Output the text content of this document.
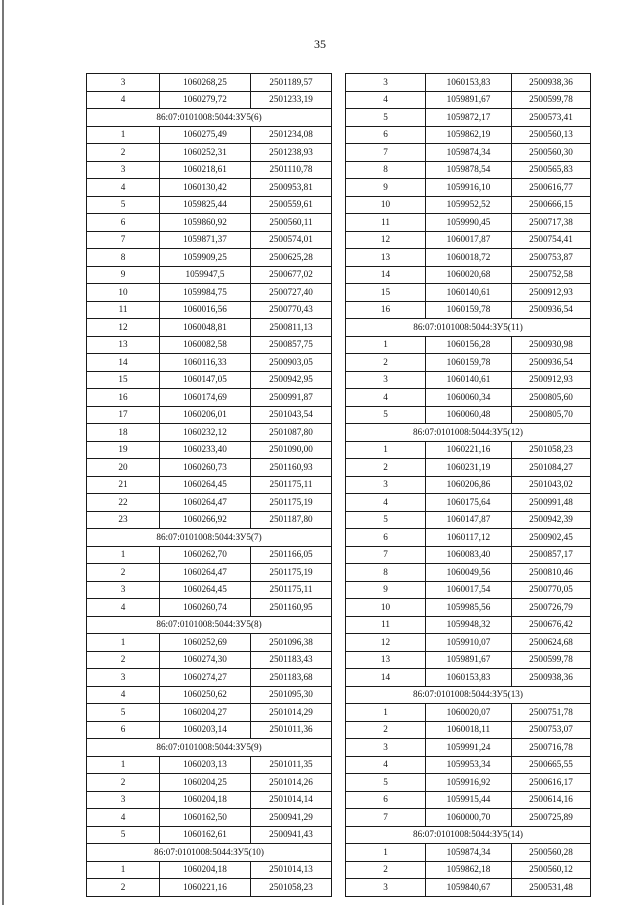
35
3	1060268,25	2501189,57
4	1060279,72	2501233,19
86:07:0101008:5044:ЗУ5(6)		
1	1060275,49	2501234,08
2	1060252,31	2501238,93
3	1060218,61	2501110,78
4	1060130,42	2500953,81
5	1059825,44	2500559,61
6	1059860,92	2500560,11
7	1059871,37	2500574,01
8	1059909,25	2500625,28
9	1059947,5	2500677,02
10	1059984,75	2500727,40
11	1060016,56	2500770,43
12	1060048,81	2500811,13
13	1060082,58	2500857,75
14	1060116,33	2500903,05
15	1060147,05	2500942,95
16	1060174,69	2500991,87
17	1060206,01	2501043,54
18	1060232,12	2501087,80
19	1060233,40	2501090,00
20	1060260,73	2501160,93
21	1060264,45	2501175,11
22	1060264,47	2501175,19
23	1060266,92	2501187,80
86:07:0101008:5044:ЗУ5(7)		
1	1060262,70	2501166,05
2	1060264,47	2501175,19
3	1060264,45	2501175,11
4	1060260,74	2501160,95
86:07:0101008:5044:ЗУ5(8)		
1	1060252,69	2501096,38
2	1060274,30	2501183,43
3	1060274,27	2501183,68
4	1060250,62	2501095,30
5	1060204,27	2501014,29
6	1060203,14	2501011,36
86:07:0101008:5044:ЗУ5(9)		
1	1060203,13	2501011,35
2	1060204,25	2501014,26
3	1060204,18	2501014,14
4	1060162,50	2500941,29
5	1060162,61	2500941,43
86:07:0101008:5044:ЗУ5(10)		
1	1060204,18	2501014,13
2	1060221,16	2501058,23
3	1060153,83	2500938,36
4	1059891,67	2500599,78
5	1059872,17	2500573,41
6	1059862,19	2500560,13
7	1059874,34	2500560,30
8	1059878,54	2500565,83
9	1059916,10	2500616,77
10	1059952,52	2500666,15
11	1059990,45	2500717,38
12	1060017,87	2500754,41
13	1060018,72	2500753,87
14	1060020,68	2500752,58
15	1060140,61	2500912,93
16	1060159,78	2500936,54
86:07:0101008:5044:ЗУ5(11)		
1	1060156,28	2500930,98
2	1060159,78	2500936,54
3	1060140,61	2500912,93
4	1060060,34	2500805,60
5	1060060,48	2500805,70
86:07:0101008:5044:ЗУ5(12)		
1	1060221,16	2501058,23
2	1060231,19	2501084,27
3	1060206,86	2501043,02
4	1060175,64	2500991,48
5	1060147,87	2500942,39
6	1060117,12	2500902,45
7	1060083,40	2500857,17
8	1060049,56	2500810,46
9	1060017,54	2500770,05
10	1059985,56	2500726,79
11	1059948,32	2500676,42
12	1059910,07	2500624,68
13	1059891,67	2500599,78
14	1060153,83	2500938,36
86:07:0101008:5044:ЗУ5(13)		
1	1060020,07	2500751,78
2	1060018,11	2500753,07
3	1059991,24	2500716,78
4	1059953,34	2500665,55
5	1059916,92	2500616,17
6	1059915,44	2500614,16
7	1060000,70	2500725,89
86:07:0101008:5044:ЗУ5(14)		
1	1059874,34	2500560,28
2	1059862,18	2500560,12
3	1059840,67	2500531,48
